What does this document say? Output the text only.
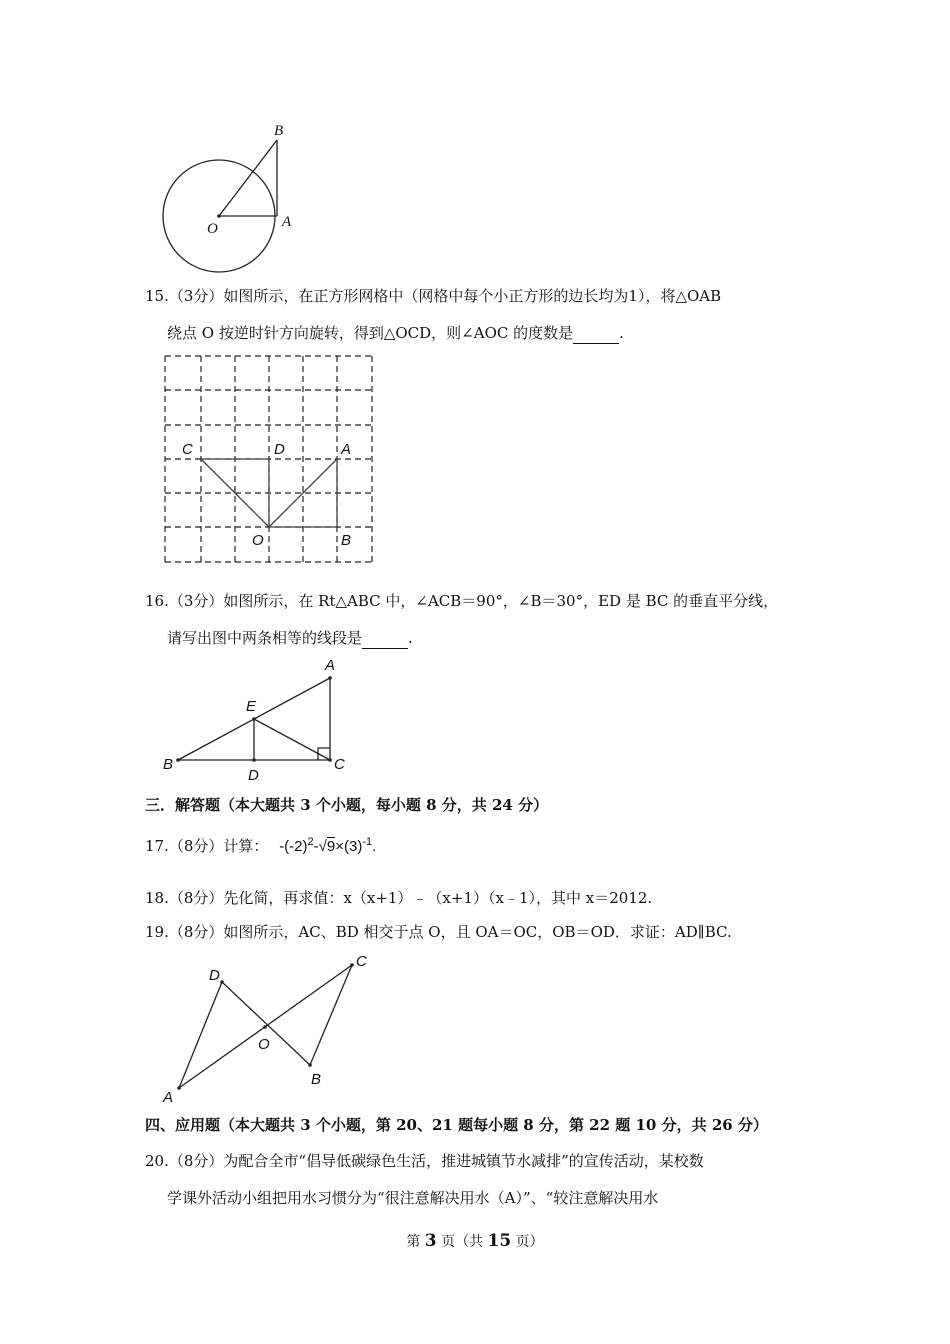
B
A
O
15.（3分）如图所示，在正方形网格中（网格中每个小正方形的边长均为1），将△OAB
绕点 O 按逆时针方向旋转，得到△OCD，则∠AOC 的度数是	.
C	D	A
O	B
16.（3分）如图所示，在 Rt△ABC 中，∠ACB＝90°，∠B＝30°，ED 是 BC 的垂直平分线，
请写出图中两条相等的线段是	.
A
E
B
D
C
三．解答题（本大题共 3 个小题，每小题 8 分，共 24 分）
17.（8分）计算： $-(-2)^2-√9\times(3)^{-1}$.
18.（8分）先化简，再求值：x（x+1）﹣（x+1）（x﹣1），其中 x＝2012.
19.（8分）如图所示，AC、BD 相交于点 O，且 OA＝OC，OB＝OD．求证：AD∥BC.
D
C
O
A
B
四、应用题（本大题共 3 个小题，第 20、21 题每小题 8 分，第 22 题 10 分，共 26 分）
20.（8分）为配合全市“倡导低碳绿色生活，推进城镇节水减排”的宣传活动，某校数
学课外活动小组把用水习惯分为“很注意解决用水（A）”、“较注意解决用水
第 3 页（共 15 页）
